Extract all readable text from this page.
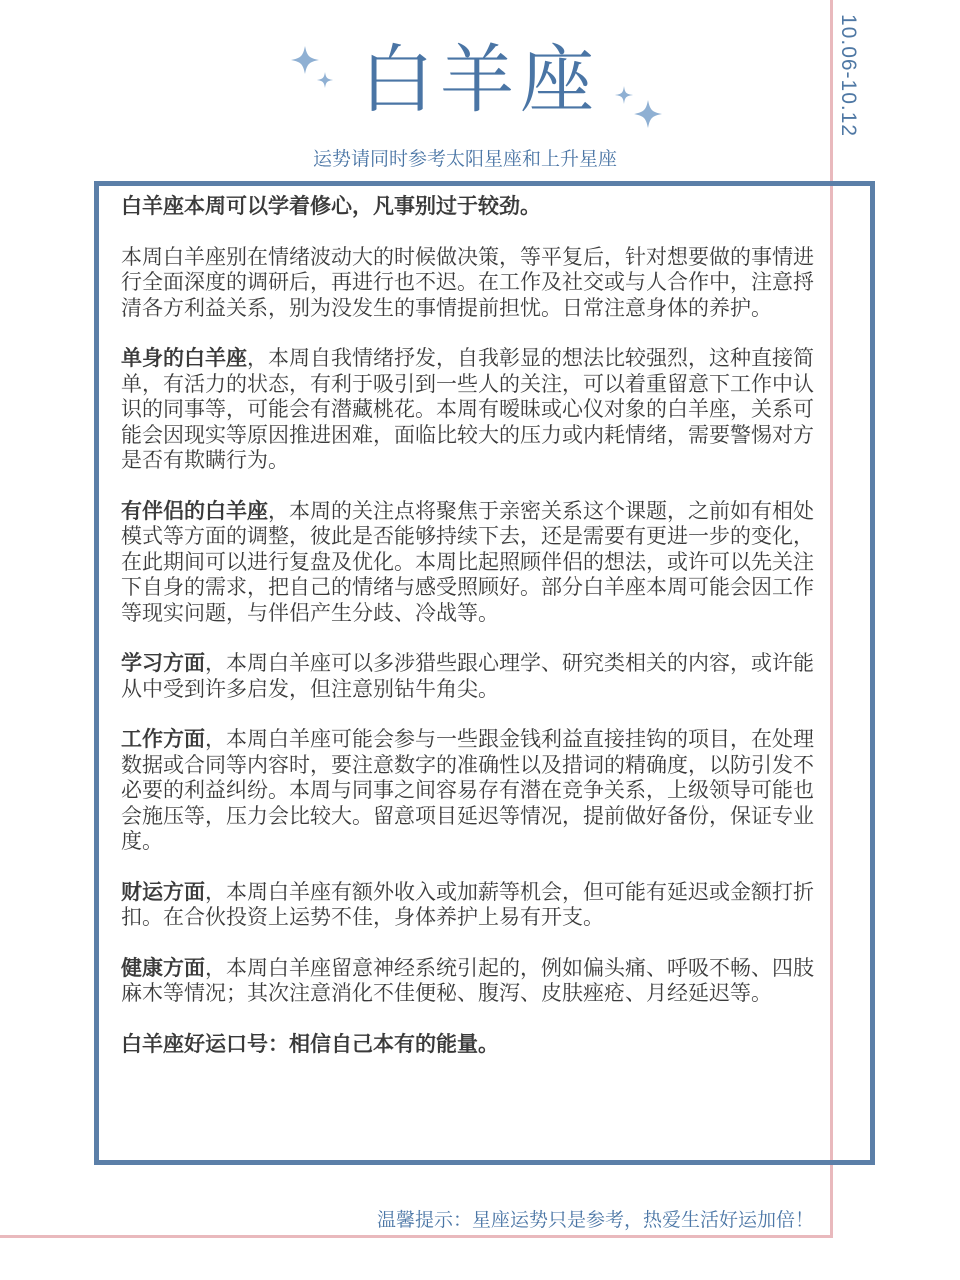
10.06-10.12
白羊座
运势请同时参考太阳星座和上升星座

白羊座本周可以学着修心，凡事别过于较劲。

本周白羊座别在情绪波动大的时候做决策，等平复后，针对想要做的事情进行全面深度的调研后，再进行也不迟。在工作及社交或与人合作中，注意捋清各方利益关系，别为没发生的事情提前担忧。日常注意身体的养护。

单身的白羊座，本周自我情绪抒发，自我彰显的想法比较强烈，这种直接简单，有活力的状态，有利于吸引到一些人的关注，可以着重留意下工作中认识的同事等，可能会有潜藏桃花。本周有暧昧或心仪对象的白羊座，关系可能会因现实等原因推进困难，面临比较大的压力或内耗情绪，需要警惕对方是否有欺瞒行为。

有伴侣的白羊座，本周的关注点将聚焦于亲密关系这个课题，之前如有相处模式等方面的调整，彼此是否能够持续下去，还是需要有更进一步的变化，在此期间可以进行复盘及优化。本周比起照顾伴侣的想法，或许可以先关注下自身的需求，把自己的情绪与感受照顾好。部分白羊座本周可能会因工作等现实问题，与伴侣产生分歧、冷战等。

学习方面，本周白羊座可以多涉猎些跟心理学、研究类相关的内容，或许能从中受到许多启发，但注意别钻牛角尖。

工作方面，本周白羊座可能会参与一些跟金钱利益直接挂钩的项目，在处理数据或合同等内容时，要注意数字的准确性以及措词的精确度，以防引发不必要的利益纠纷。本周与同事之间容易存有潜在竞争关系，上级领导可能也会施压等，压力会比较大。留意项目延迟等情况，提前做好备份，保证专业度。

财运方面，本周白羊座有额外收入或加薪等机会，但可能有延迟或金额打折扣。在合伙投资上运势不佳，身体养护上易有开支。

健康方面，本周白羊座留意神经系统引起的，例如偏头痛、呼吸不畅、四肢麻木等情况；其次注意消化不佳便秘、腹泻、皮肤痤疮、月经延迟等。

白羊座好运口号：相信自己本有的能量。

温馨提示：星座运势只是参考，热爱生活好运加倍！
